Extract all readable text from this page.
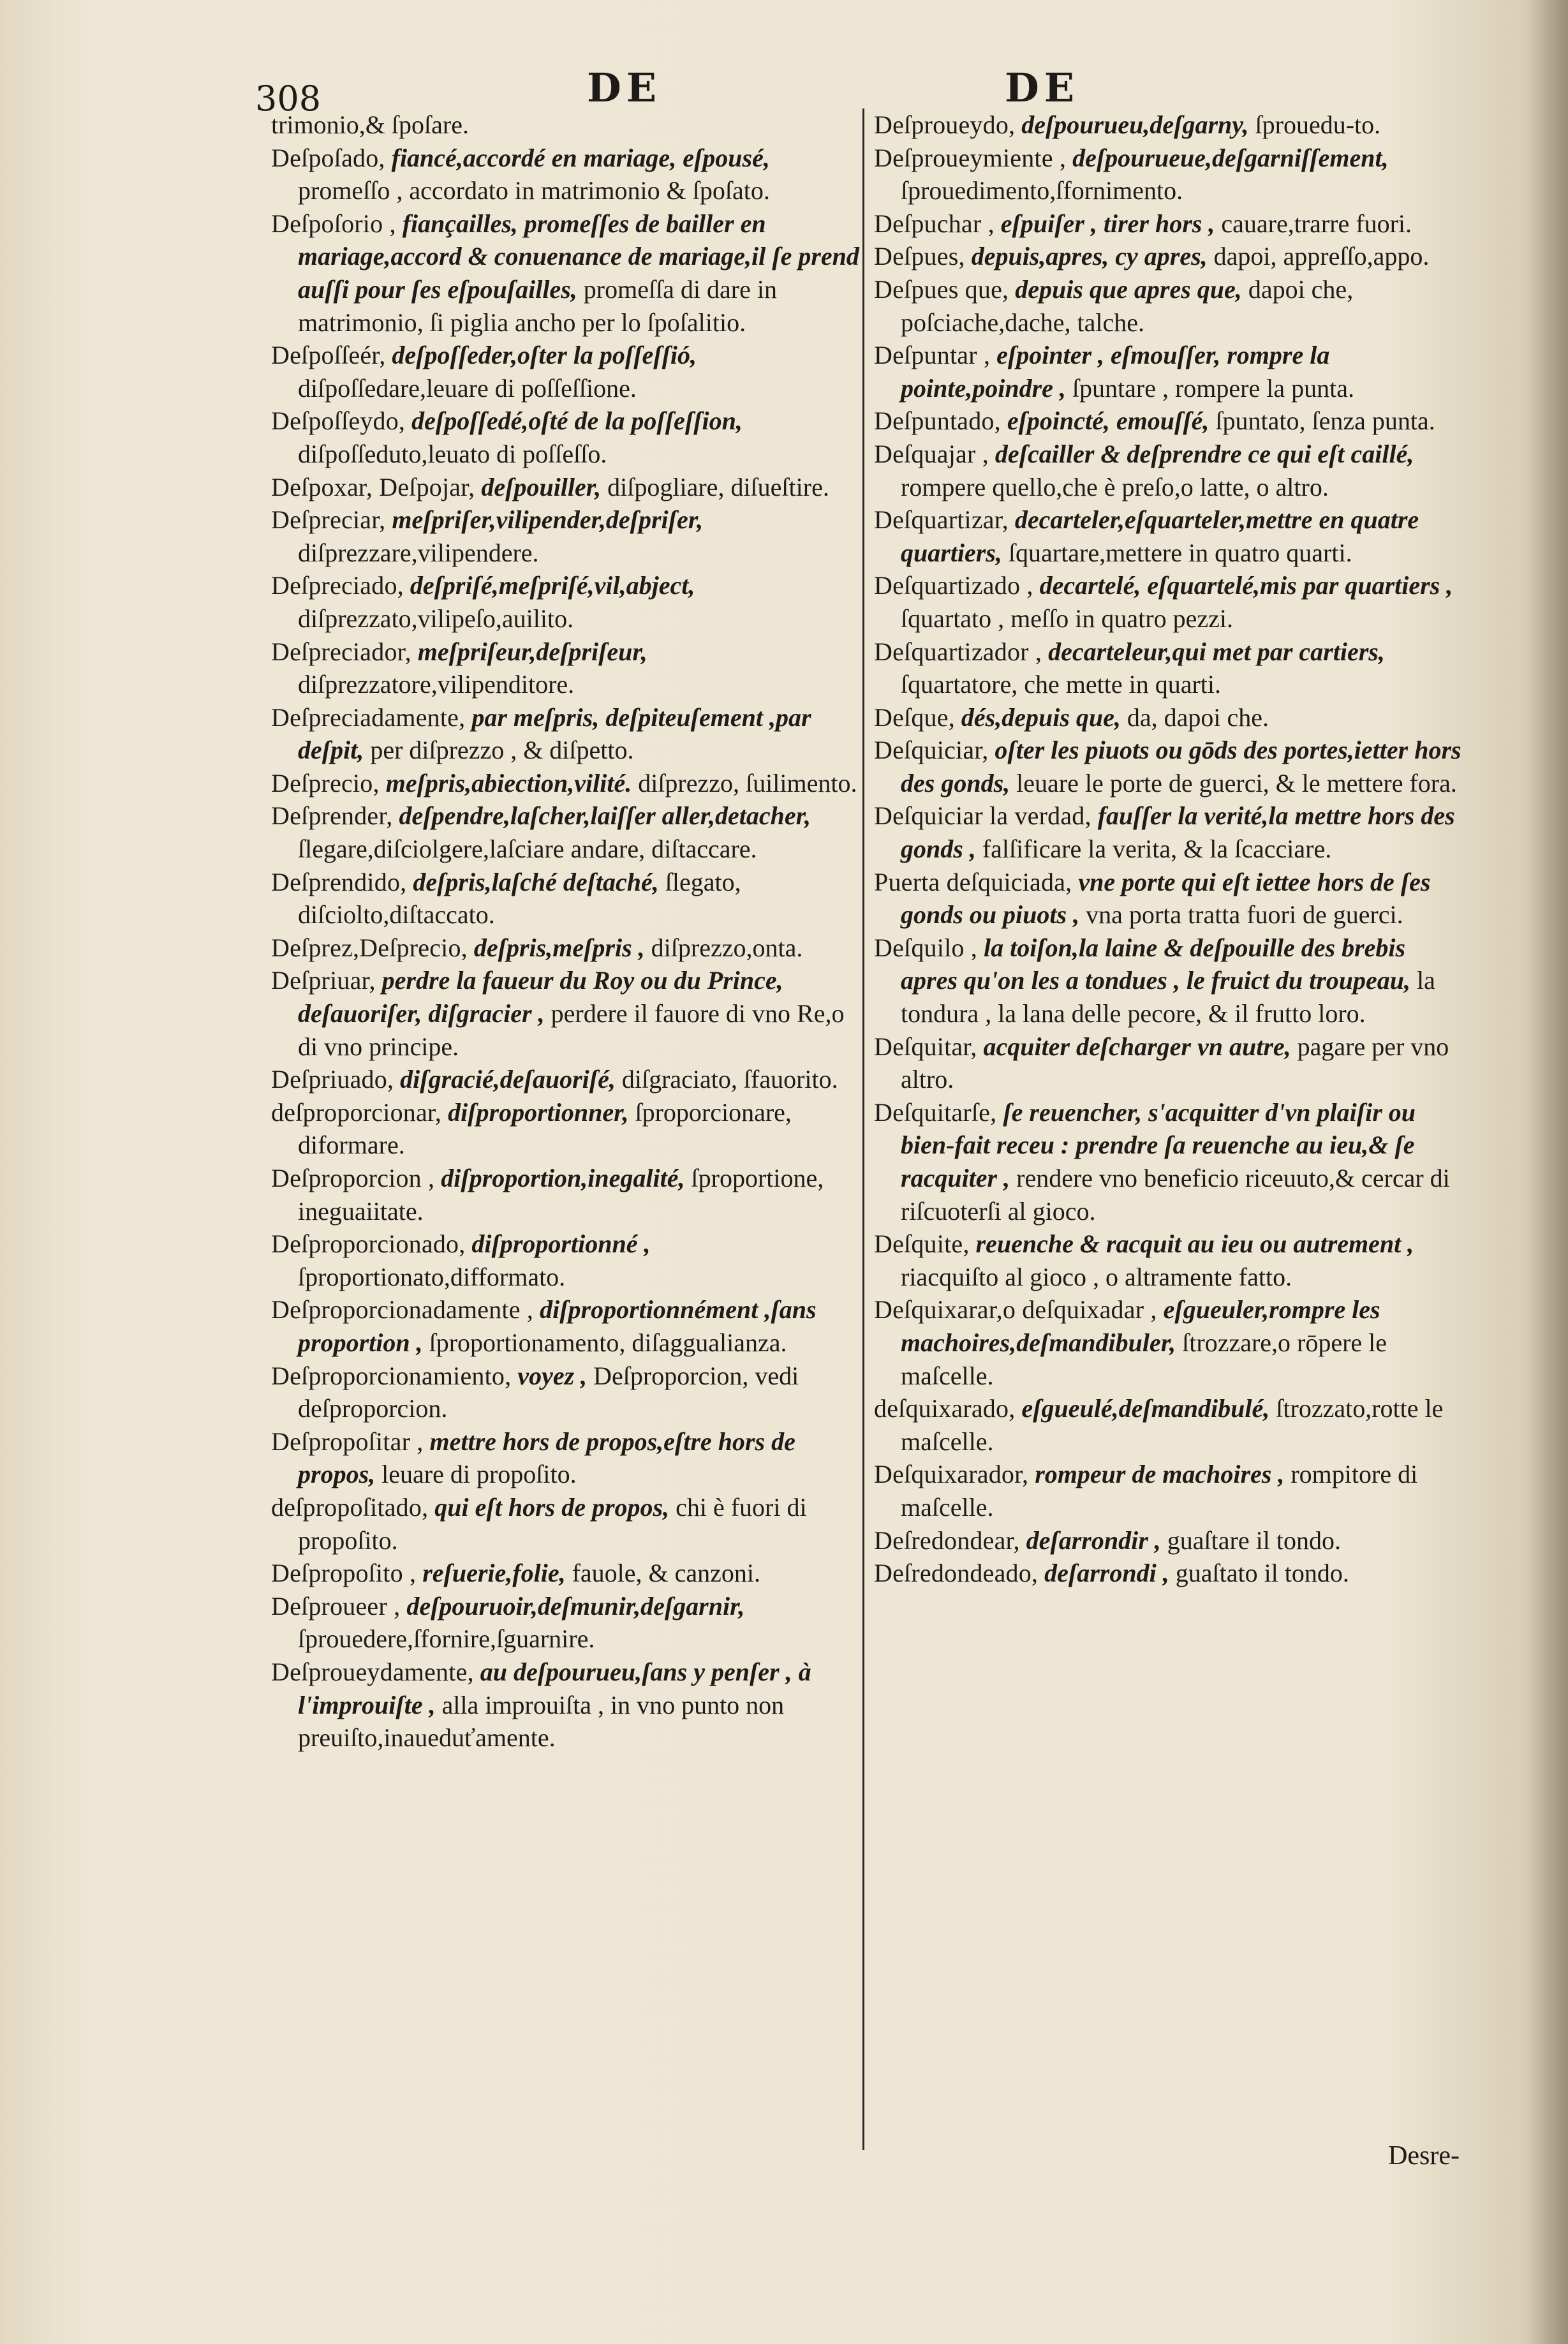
308	DE	DE

trimonio,& ſpoſare.

Deſpoſado, fiancé,accordé en mariage, eſpousé, promeſſo , accordato in matrimonio & ſpoſato.

Deſpoſorio , fiançailles, promeſſes de bailler en mariage,accord & conuenance de mariage,il ſe prend auſſi pour ſes eſpouſailles, promeſſa di dare in matrimonio, ſi piglia ancho per lo ſpoſalitio.

Deſpoſſeér, deſpoſſeder,oſter la poſſeſſió, diſpoſſedare,leuare di poſſeſſione.

Deſpoſſeydo, deſpoſſedé,oſté de la poſſeſſion, diſpoſſeduto,leuato di poſſeſſo.

Deſpoxar, Deſpojar, deſpouiller, diſpogliare, diſueſtire.

Deſpreciar, meſpriſer,vilipender,deſpriſer, diſprezzare,vilipendere.

Deſpreciado, deſpriſé,meſpriſé,vil,abject, diſprezzato,vilipeſo,auilito.

Deſpreciador, meſpriſeur,deſpriſeur, diſprezzatore,vilipenditore.

Deſpreciadamente, par meſpris, deſpiteuſement ,par deſpit, per diſprezzo , & diſpetto.

Deſprecio, meſpris,abiection,vilité. diſprezzo, ſuilimento.

Deſprender, deſpendre,laſcher,laiſſer aller,detacher, ſlegare,diſciolgere,laſciare andare, diſtaccare.

Deſprendido, deſpris,laſché deſtaché, ſlegato, diſciolto,diſtaccato.

Deſprez,Deſprecio, deſpris,meſpris , diſprezzo,onta.

Deſpriuar, perdre la faueur du Roy ou du Prince, deſauoriſer, diſgracier , perdere il fauore di vno Re,o di vno principe.

Deſpriuado, diſgracié,deſauoriſé, diſgraciato, ſfauorito.

deſproporcionar, diſproportionner, ſproporcionare, diformare.

Deſproporcion , diſproportion,inegalité, ſproportione, ineguaiitate.

Deſproporcionado, diſproportionné , ſproportionato,difformato.

Deſproporcionadamente , diſproportionnément ,ſans proportion , ſproportionamento, diſaggualianza.

Deſproporcionamiento, voyez , Deſproporcion, vedi deſproporcion.

Deſpropoſitar , mettre hors de propos,eſtre hors de propos, leuare di propoſito.

deſpropoſitado, qui eſt hors de propos, chi è fuori di propoſito.

Deſpropoſito , reſuerie,folie, fauole, & canzoni.

Deſproueer , deſpouruoir,deſmunir,deſgarnir, ſprouedere,ſfornire,ſguarnire.

Deſproueydamente, au deſpourueu,ſans y penſer , à l'improuiſte , alla improuiſta , in vno punto non preuiſto,inaueduťamente.

Deſproueydo, deſpourueu,deſgarny, ſprouedu-to.

Deſproueymiente , deſpourueue,deſgarniſſement, ſprouedimento,ſfornimento.

Deſpuchar , eſpuiſer , tirer hors , cauare,trarre fuori.

Deſpues, depuis,apres, cy apres, dapoi, appreſſo,appo.

Deſpues que, depuis que apres que, dapoi che, poſciache,dache, talche.

Deſpuntar , eſpointer , eſmouſſer, rompre la pointe,poindre , ſpuntare , rompere la punta.

Deſpuntado, eſpoincté, emouſſé, ſpuntato, ſenza punta.

Deſquajar , deſcailler & deſprendre ce qui eſt caillé, rompere quello,che è preſo,o latte, o altro.

Deſquartizar, decarteler,eſquarteler,mettre en quatre quartiers, ſquartare,mettere in quatro quarti.

Deſquartizado , decartelé, eſquartelé,mis par quartiers , ſquartato , meſſo in quatro pezzi.

Deſquartizador , decarteleur,qui met par cartiers, ſquartatore, che mette in quarti.

Deſque, dés,depuis que, da, dapoi che.

Deſquiciar, oſter les piuots ou gōds des portes,ietter hors des gonds, leuare le porte de guerci, & le mettere fora.

Deſquiciar la verdad, fauſſer la verité,la mettre hors des gonds , falſificare la verita, & la ſcacciare.

Puerta deſquiciada, vne porte qui eſt iettee hors de ſes gonds ou piuots , vna porta tratta fuori de guerci.

Deſquilo , la toiſon,la laine & deſpouille des brebis apres qu'on les a tondues , le fruict du troupeau, la tondura , la lana delle pecore, & il frutto loro.

Deſquitar, acquiter deſcharger vn autre, pagare per vno altro.

Deſquitarſe, ſe reuencher, s'acquitter d'vn plaiſir ou bien-fait receu : prendre ſa reuenche au ieu,& ſe racquiter , rendere vno beneficio riceuuto,& cercar di riſcuoterſi al gioco.

Deſquite, reuenche & racquit au ieu ou autrement , riacquiſto al gioco , o altramente fatto.

Deſquixarar,o deſquixadar , eſgueuler,rompre les machoires,deſmandibuler, ſtrozzare,o rōpere le maſcelle.

deſquixarado, eſgueulé,deſmandibulé, ſtrozzato,rotte le maſcelle.

Deſquixarador, rompeur de machoires , rompitore di maſcelle.

Deſredondear, deſarrondir , guaſtare il tondo.

Deſredondeado, deſarrondi , guaſtato il tondo.

Desre-
